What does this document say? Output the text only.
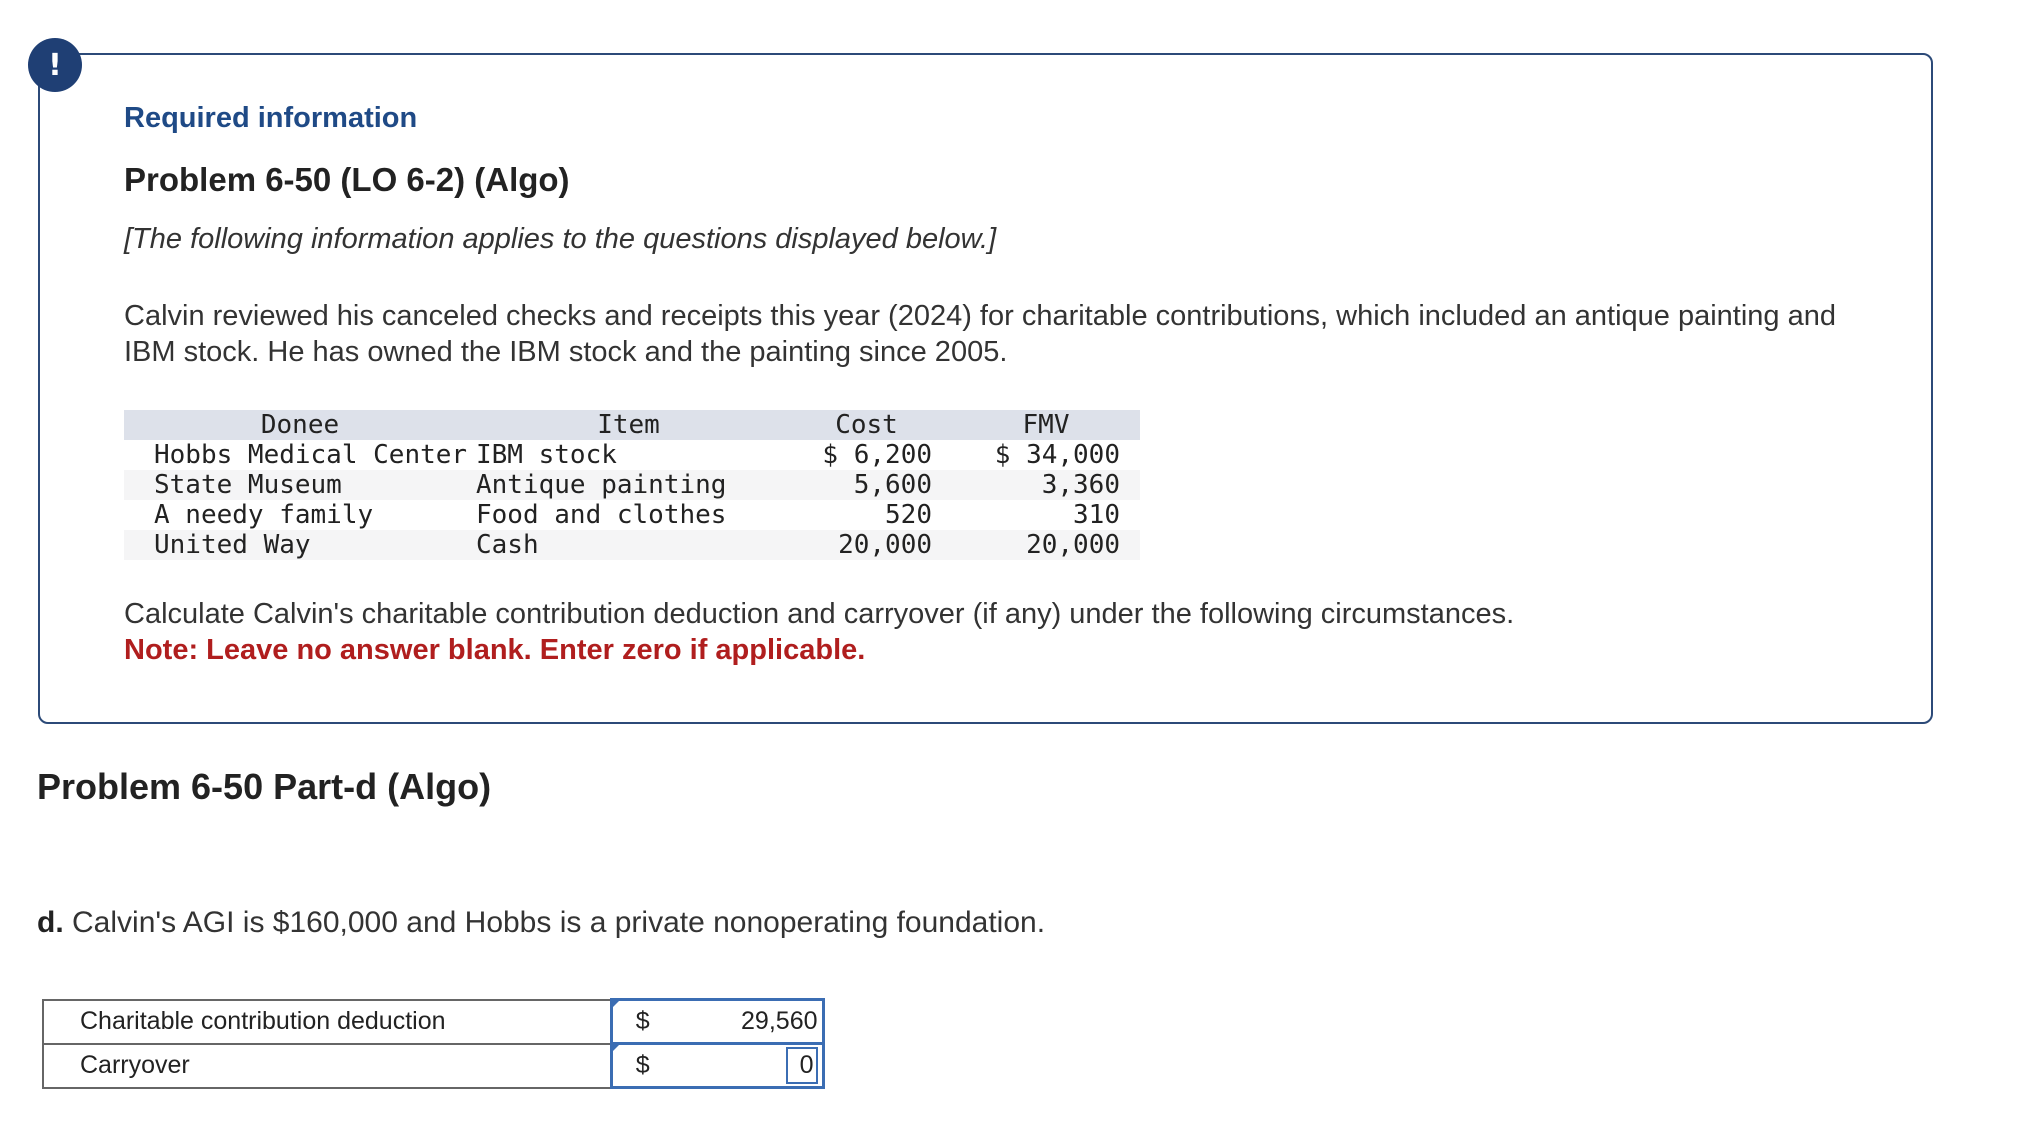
!
Required information
Problem 6-50 (LO 6-2) (Algo)
[The following information applies to the questions displayed below.]
Calvin reviewed his canceled checks and receipts this year (2024) for charitable contributions, which included an antique painting and IBM stock. He has owned the IBM stock and the painting since 2005.
Donee	Item	Cost	FMV
Hobbs Medical Center	IBM stock	$ 6,200	$ 34,000
State Museum	Antique painting	5,600	3,360
A needy family	Food and clothes	520	310
United Way	Cash	20,000	20,000
Calculate Calvin's charitable contribution deduction and carryover (if any) under the following circumstances.
Note: Leave no answer blank. Enter zero if applicable.
Problem 6-50 Part-d (Algo)
d. Calvin's AGI is $160,000 and Hobbs is a private nonoperating foundation.
Charitable contribution deduction	$	29,560
Carryover	$	0
